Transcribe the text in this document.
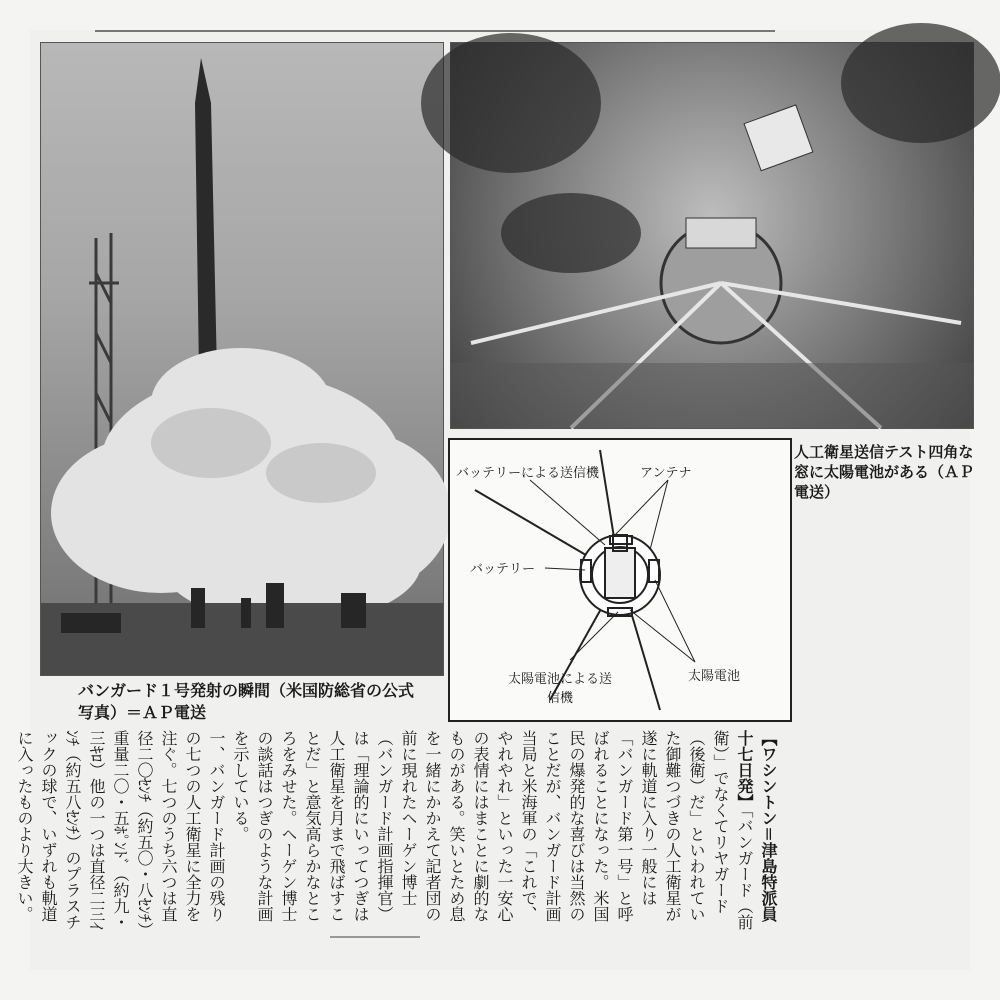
バンガード１号発射の瞬間（米国防総省の公式写真）＝ＡＰ電送
人工衛星送信テスト四角な窓に太陽電池がある（ＡＰ電送）
バッテリーによる送信機	アンテナ
バッテリー
太陽電池による送信機
太陽電池

【ワシントン＝津島特派員十七日発】「バンガード（前衛）」でなくてリヤガード（後衛）だ」といわれていた御難つづきの人工衛星が遂に軌道に入り一般には「バンガード第一号」と呼ばれることになった。米国民の爆発的な喜びは当然のことだが、バンガード計画当局と米海軍の「これで、やれやれ」といった一安心の表情にはまことに劇的なものがある。笑いとため息を一緒にかかえて記者団の前に現れたヘーゲン博士（バンガード計画指揮官）は「理論的にいってつぎは人工衛星を月まで飛ばすことだ」と意気高らかなところをみせた。ヘーゲン博士の談話はつぎのような計画を示している。

一、バンガード計画の残りの七つの人工衛星に全力を注ぐ。七つのうち六つは直径二〇ｾﾝﾁ（約五〇・八ｾﾝﾁ）重量二〇・五ﾎﾟﾝﾄﾞ（約九・三ｷﾛ）他の一つは直径二三ｲﾝﾁ（約五八ｾﾝﾁ）のプラスチックの球で、いずれも軌道に入ったものより大きい。
